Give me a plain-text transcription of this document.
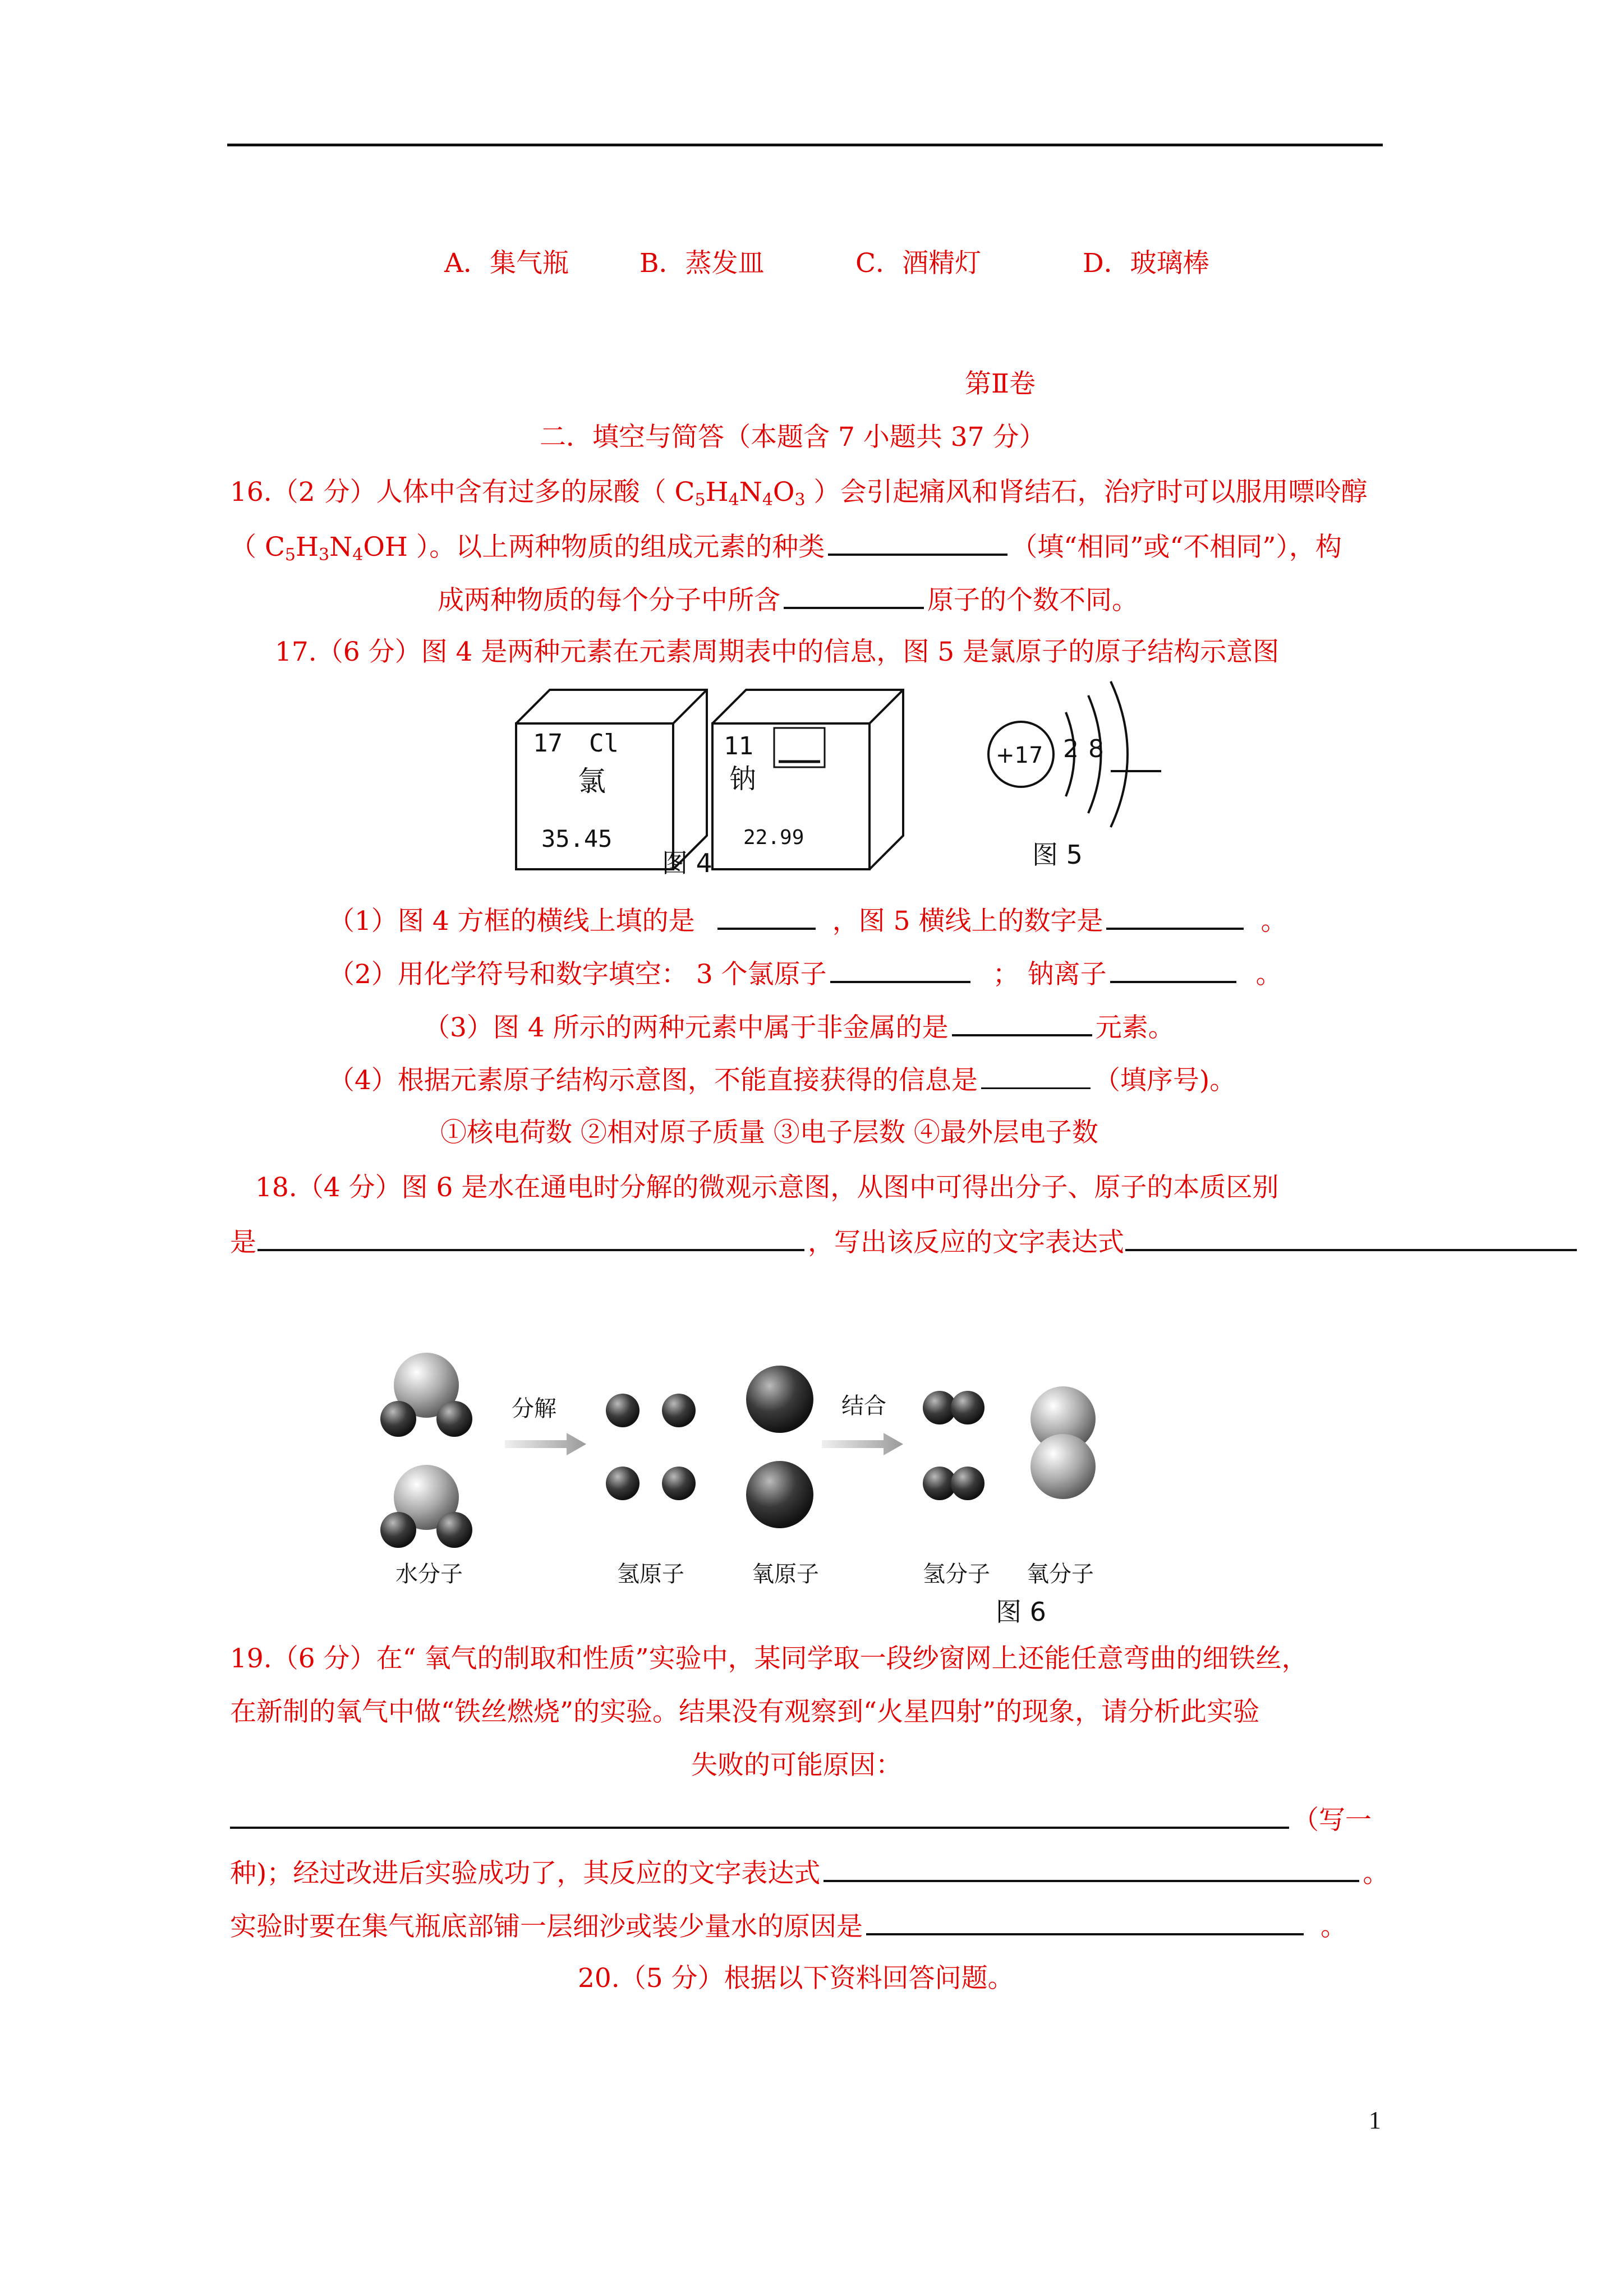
A．集气瓶	B．蒸发皿	C．酒精灯	D．玻璃棒
第Ⅱ卷
二．填空与简答（本题含 7 小题共 37 分）
16.（2 分）人体中含有过多的尿酸（ $C_5H_4N_4O_3$ ）会引起痛风和肾结石，治疗时可以服用嘌呤醇
（ $C_5H_3N_4OH$ ）。以上两种物质的组成元素的种类	（填“相同”或“不相同”），构
成两种物质的每个分子中所含	原子的个数不同。
17.（6 分）图 4 是两种元素在元素周期表中的信息，图 5 是氯原子的原子结构示意图
17 Cl
氯
35.45
11
钠
22.99
+17 2 8
图 4	图 5
（1）图 4 方框的横线上填的是	，图 5 横线上的数字是	。
（2）用化学符号和数字填空： 3 个氯原子	； 钠离子	。
（3）图 4 所示的两种元素中属于非金属的是	元素。
（4）根据元素原子结构示意图，不能直接获得的信息是	（填序号)。
①核电荷数 ②相对原子质量 ③电子层数 ④最外层电子数
18.（4 分）图 6 是水在通电时分解的微观示意图，从图中可得出分子、原子的本质区别
是	，写出该反应的文字表达式
分解	结合
水分子	氢原子	氧原子	氢分子 氧分子
图 6
19.（6 分）在“ 氧气的制取和性质”实验中，某同学取一段纱窗网上还能任意弯曲的细铁丝，
在新制的氧气中做“铁丝燃烧”的实验。结果没有观察到“火星四射”的现象，请分析此实验
失败的可能原因：
（写一
种)；经过改进后实验成功了，其反应的文字表达式	。
实验时要在集气瓶底部铺一层细沙或装少量水的原因是	。
20.（5 分）根据以下资料回答问题。
1
